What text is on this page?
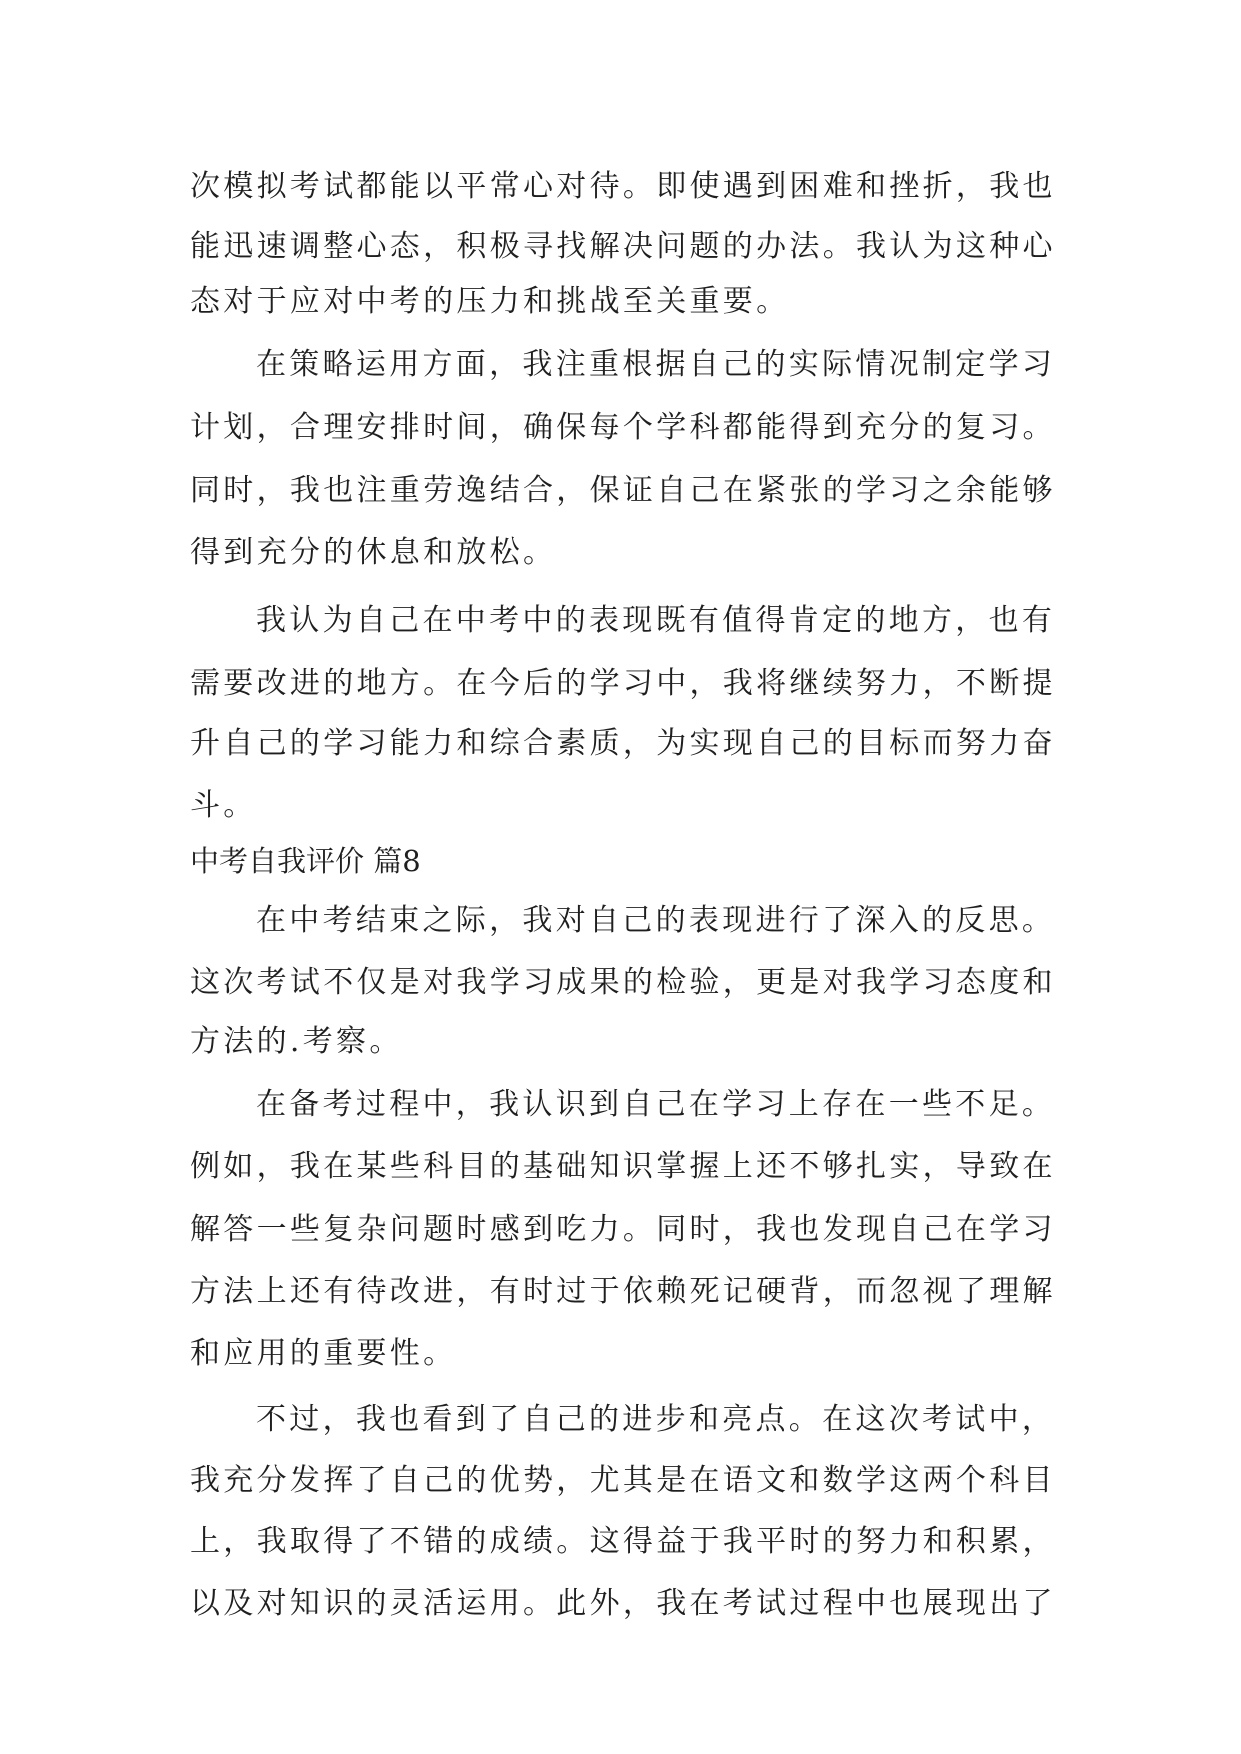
次模拟考试都能以平常心对待。即使遇到困难和挫折，我也
能迅速调整心态，积极寻找解决问题的办法。我认为这种心
态对于应对中考的压力和挑战至关重要。
在策略运用方面，我注重根据自己的实际情况制定学习
计划，合理安排时间，确保每个学科都能得到充分的复习。
同时，我也注重劳逸结合，保证自己在紧张的学习之余能够
得到充分的休息和放松。
我认为自己在中考中的表现既有值得肯定的地方，也有
需要改进的地方。在今后的学习中，我将继续努力，不断提
升自己的学习能力和综合素质，为实现自己的目标而努力奋
斗。
中考自我评价 篇8
在中考结束之际，我对自己的表现进行了深入的反思。
这次考试不仅是对我学习成果的检验，更是对我学习态度和
方法的.考察。
在备考过程中，我认识到自己在学习上存在一些不足。
例如，我在某些科目的基础知识掌握上还不够扎实，导致在
解答一些复杂问题时感到吃力。同时，我也发现自己在学习
方法上还有待改进，有时过于依赖死记硬背，而忽视了理解
和应用的重要性。
不过，我也看到了自己的进步和亮点。在这次考试中，
我充分发挥了自己的优势，尤其是在语文和数学这两个科目
上，我取得了不错的成绩。这得益于我平时的努力和积累，
以及对知识的灵活运用。此外，我在考试过程中也展现出了
